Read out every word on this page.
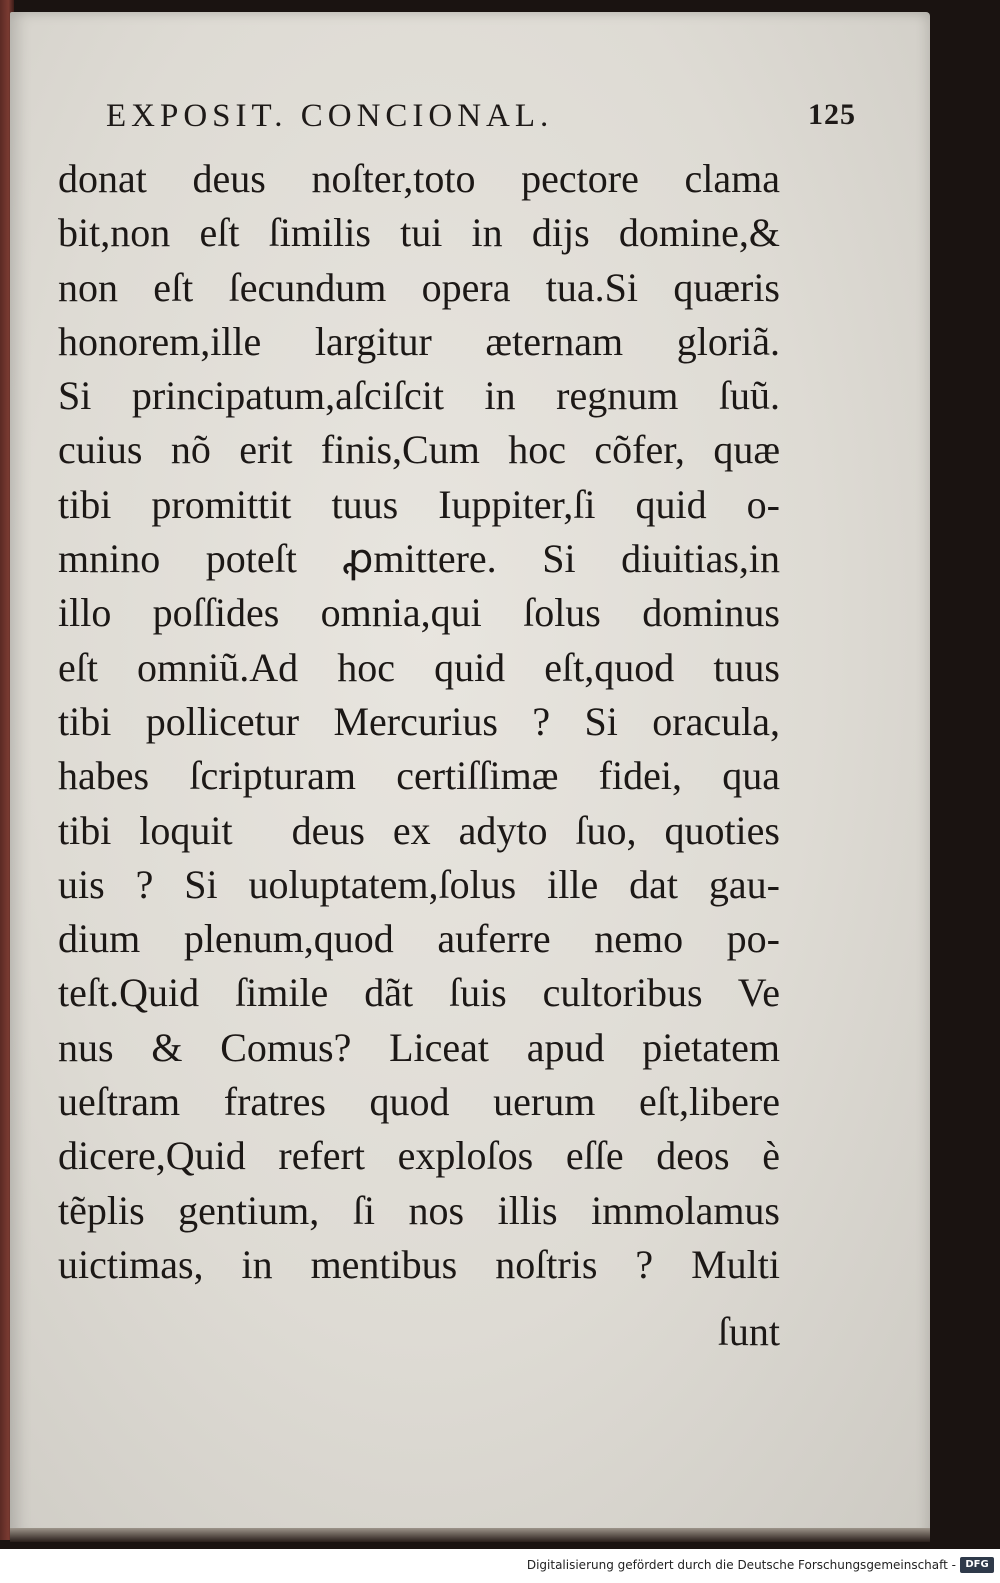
EXPOSIT. CONCIONAL.	125
donat deus noſter,toto pectore clama
bit,non eſt ſimilis tui in dijs domine,&
non eſt ſecundum opera tua.Si quæris
honorem,ille largitur æternam gloriã.
Si principatum,aſciſcit in regnum ſuũ.
cuius nõ erit finis,Cum hoc cõfer, quæ
tibi promittit tuus Iuppiter,ſi quid o-
mnino poteſt ꝓmittere. Si diuitias,in
illo poſſides omnia,qui ſolus dominus
eſt omniũ.Ad hoc quid eſt,quod tuus
tibi pollicetur Mercurius ? Si oracula,
habes ſcripturam certiſſimæ fidei, qua
tibi loquit᷑ deus ex adyto ſuo, quoties
uis ? Si uoluptatem,ſolus ille dat gau-
dium plenum,quod auferre nemo po-
teſt.Quid ſimile dãt ſuis cultoribus Ve
nus & Comus? Liceat apud pietatem
ueſtram fratres quod uerum eſt,libere
dicere,Quid refert exploſos eſſe deos è
tẽplis gentium, ſi nos illis immolamus
uictimas, in mentibus noſtris ? Multi
ſunt
Digitalisierung gefördert durch die Deutsche Forschungsgemeinschaft - DFG
